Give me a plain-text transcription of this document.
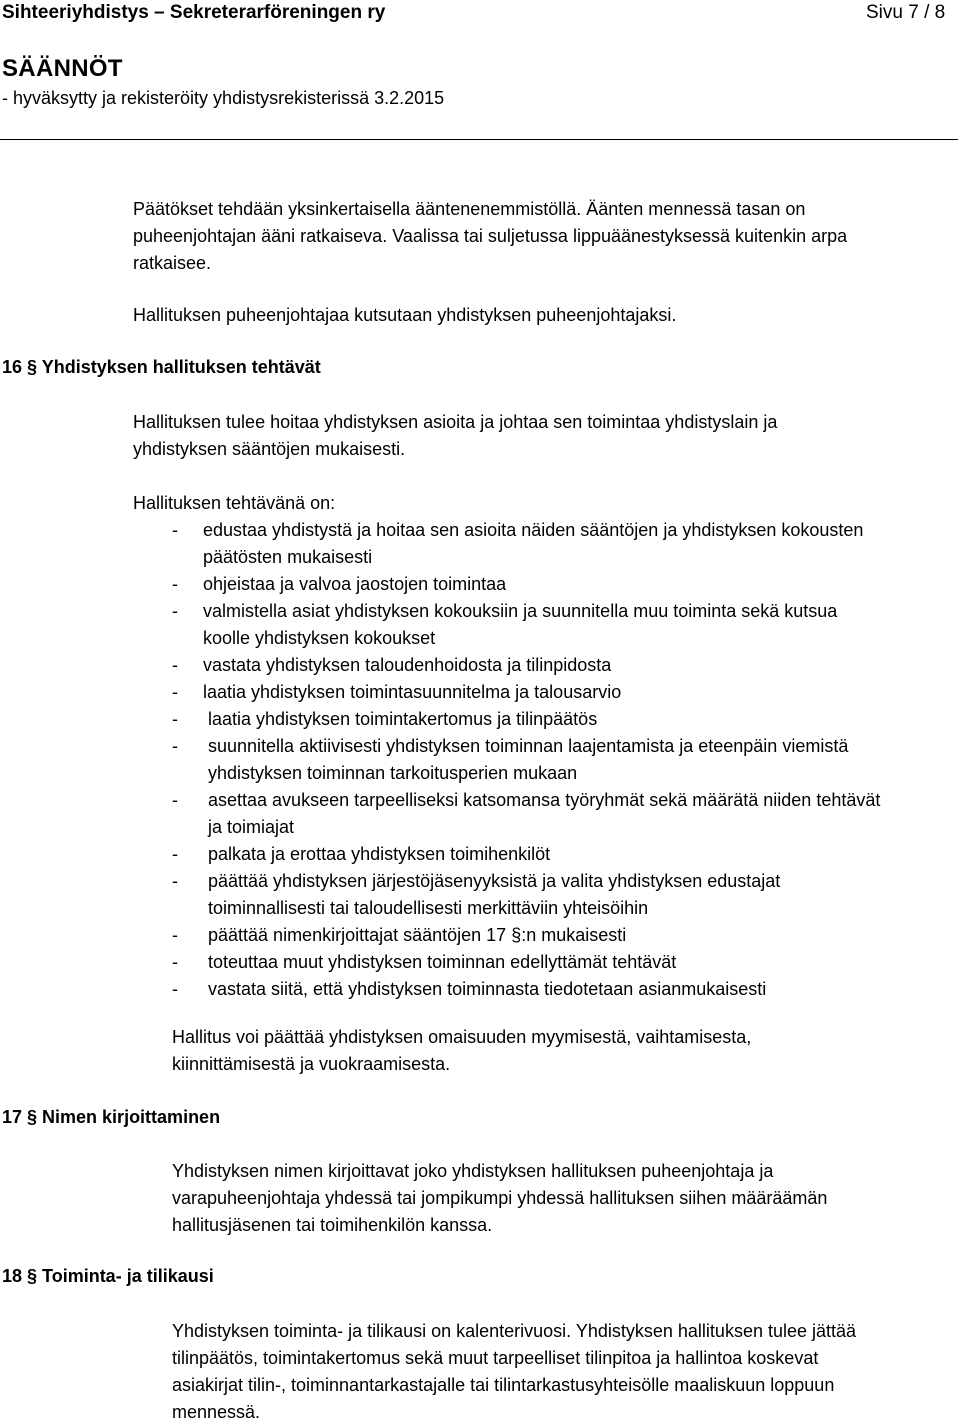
Sihteeriyhdistys – Sekreterarföreningen ry	Sivu 7 / 8
SÄÄNNÖT
- hyväksytty ja rekisteröity yhdistysrekisterissä 3.2.2015
Päätökset tehdään yksinkertaisella ääntenenemmistöllä. Äänten mennessä tasan on
puheenjohtajan ääni ratkaiseva. Vaalissa tai suljetussa lippuäänestyksessä kuitenkin arpa
ratkaisee.
Hallituksen puheenjohtajaa kutsutaan yhdistyksen puheenjohtajaksi.
16 § Yhdistyksen hallituksen tehtävät
Hallituksen tulee hoitaa yhdistyksen asioita ja johtaa sen toimintaa yhdistyslain ja
yhdistyksen sääntöjen mukaisesti.
Hallituksen tehtävänä on:
- edustaa yhdistystä ja hoitaa sen asioita näiden sääntöjen ja yhdistyksen kokousten
päätösten mukaisesti
- ohjeistaa ja valvoa jaostojen toimintaa
- valmistella asiat yhdistyksen kokouksiin ja suunnitella muu toiminta sekä kutsua
koolle yhdistyksen kokoukset
- vastata yhdistyksen taloudenhoidosta ja tilinpidosta
- laatia yhdistyksen toimintasuunnitelma ja talousarvio
- laatia yhdistyksen toimintakertomus ja tilinpäätös
- suunnitella aktiivisesti yhdistyksen toiminnan laajentamista ja eteenpäin viemistä
yhdistyksen toiminnan tarkoitusperien mukaan
- asettaa avukseen tarpeelliseksi katsomansa työryhmät sekä määrätä niiden tehtävät
ja toimiajat
- palkata ja erottaa yhdistyksen toimihenkilöt
- päättää yhdistyksen järjestöjäsenyyksistä ja valita yhdistyksen edustajat
toiminnallisesti tai taloudellisesti merkittäviin yhteisöihin
- päättää nimenkirjoittajat sääntöjen 17 §:n mukaisesti
- toteuttaa muut yhdistyksen toiminnan edellyttämät tehtävät
- vastata siitä, että yhdistyksen toiminnasta tiedotetaan asianmukaisesti
Hallitus voi päättää yhdistyksen omaisuuden myymisestä, vaihtamisesta,
kiinnittämisestä ja vuokraamisesta.
17 § Nimen kirjoittaminen
Yhdistyksen nimen kirjoittavat joko yhdistyksen hallituksen puheenjohtaja ja
varapuheenjohtaja yhdessä tai jompikumpi yhdessä hallituksen siihen määräämän
hallitusjäsenen tai toimihenkilön kanssa.
18 § Toiminta- ja tilikausi
Yhdistyksen toiminta- ja tilikausi on kalenterivuosi. Yhdistyksen hallituksen tulee jättää
tilinpäätös, toimintakertomus sekä muut tarpeelliset tilinpitoa ja hallintoa koskevat
asiakirjat tilin-, toiminnantarkastajalle tai tilintarkastusyhteisölle maaliskuun loppuun
mennessä.
